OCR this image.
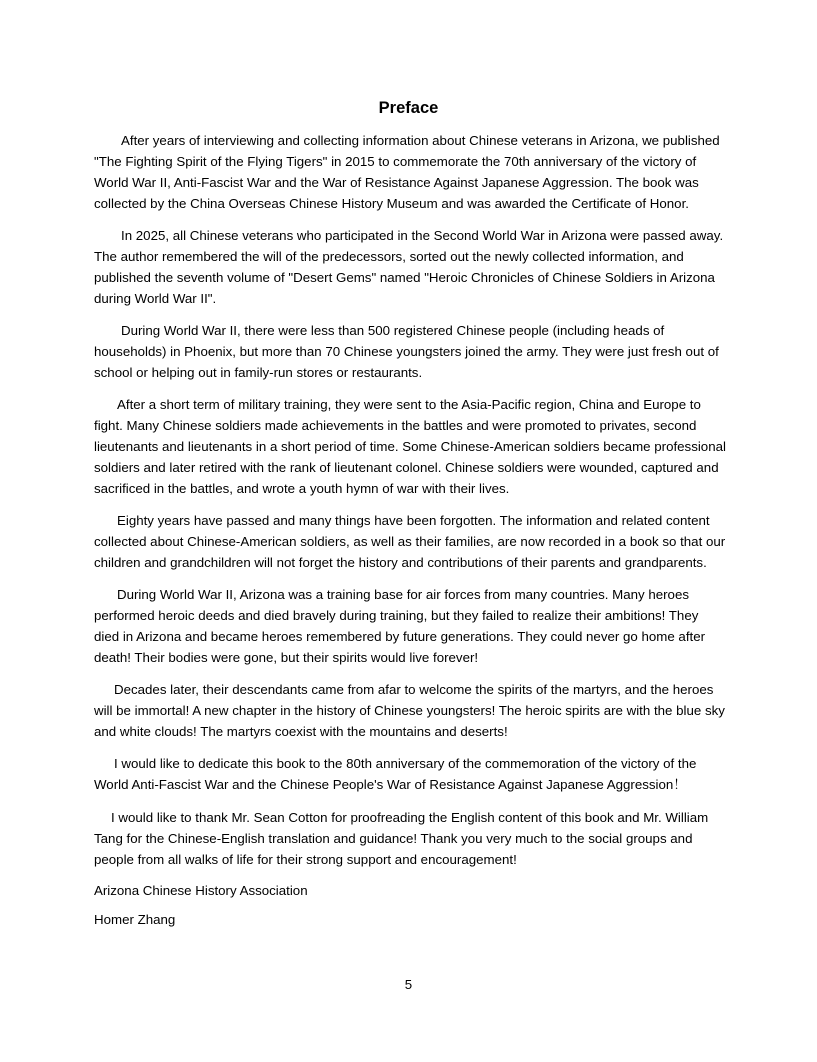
Preface

After years of interviewing and collecting information about Chinese veterans in Arizona, we published "The Fighting Spirit of the Flying Tigers" in 2015 to commemorate the 70th anniversary of the victory of World War II, Anti-Fascist War and the War of Resistance Against Japanese Aggression. The book was collected by the China Overseas Chinese History Museum and was awarded the Certificate of Honor.

In 2025, all Chinese veterans who participated in the Second World War in Arizona were passed away. The author remembered the will of the predecessors, sorted out the newly collected information, and published the seventh volume of "Desert Gems" named "Heroic Chronicles of Chinese Soldiers in Arizona during World War II".

During World War II, there were less than 500 registered Chinese people (including heads of households) in Phoenix, but more than 70 Chinese youngsters joined the army. They were just fresh out of school or helping out in family-run stores or restaurants.

After a short term of military training, they were sent to the Asia-Pacific region, China and Europe to fight. Many Chinese soldiers made achievements in the battles and were promoted to privates, second lieutenants and lieutenants in a short period of time. Some Chinese-American soldiers became professional soldiers and later retired with the rank of lieutenant colonel. Chinese soldiers were wounded, captured and sacrificed in the battles, and wrote a youth hymn of war with their lives.

Eighty years have passed and many things have been forgotten. The information and related content collected about Chinese-American soldiers, as well as their families, are now recorded in a book so that our children and grandchildren will not forget the history and contributions of their parents and grandparents.

During World War II, Arizona was a training base for air forces from many countries. Many heroes performed heroic deeds and died bravely during training, but they failed to realize their ambitions! They died in Arizona and became heroes remembered by future generations. They could never go home after death! Their bodies were gone, but their spirits would live forever!

Decades later, their descendants came from afar to welcome the spirits of the martyrs, and the heroes will be immortal! A new chapter in the history of Chinese youngsters! The heroic spirits are with the blue sky and white clouds! The martyrs coexist with the mountains and deserts!

I would like to dedicate this book to the 80th anniversary of the commemoration of the victory of the World Anti-Fascist War and the Chinese People's War of Resistance Against Japanese Aggression！

I would like to thank Mr. Sean Cotton for proofreading the English content of this book and Mr. William Tang for the Chinese-English translation and guidance! Thank you very much to the social groups and people from all walks of life for their strong support and encouragement!

Arizona Chinese History Association

Homer Zhang

5
